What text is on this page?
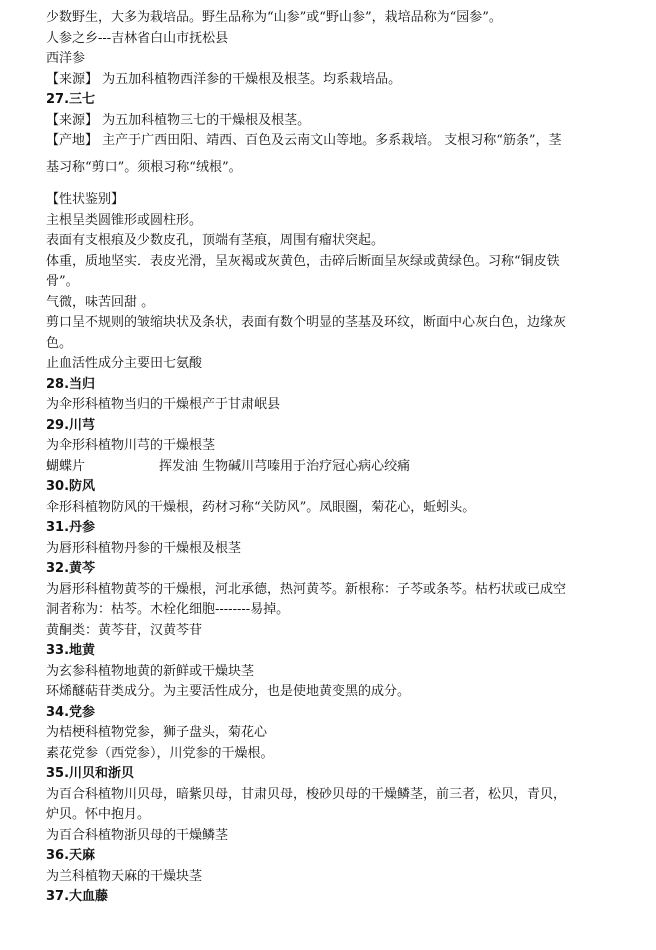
少数野生，大多为栽培品。野生品称为“山参”或“野山参”，栽培品称为“园参”。

人参之乡---吉林省白山市抚松县

西洋参

【来源】 为五加科植物西洋参的干燥根及根茎。均系栽培品。

27.三七

【来源】 为五加科植物三七的干燥根及根茎。

【产地】 主产于广西田阳、靖西、百色及云南文山等地。多系栽培。 支根习称“筋条”，茎

基习称“剪口”。须根习称“绒根”。

【性状鉴别】

主根呈类圆锥形或圆柱形。

表面有支根痕及少数皮孔，顶端有茎痕，周围有瘤状突起。

体重，质地坚实．表皮光滑，呈灰褐或灰黄色，击碎后断面呈灰绿或黄绿色。习称“铜皮铁

骨”。

气微，味苦回甜 。

剪口呈不规则的皱缩块状及条状，表面有数个明显的茎基及环纹，断面中心灰白色，边缘灰

色。

止血活性成分主要田七氨酸

28.当归

为伞形科植物当归的干燥根产于甘肃岷县

29.川芎

为伞形科植物川芎的干燥根茎

蝴蝶片	挥发油 生物碱川芎嗪用于治疗冠心病心绞痛

30.防风

伞形科植物防风的干燥根，药材习称“关防风”。凤眼圈，菊花心，蚯蚓头。

31.丹参

为唇形科植物丹参的干燥根及根茎

32.黄芩

为唇形科植物黄芩的干燥根，河北承德，热河黄芩。新根称：子芩或条芩。枯朽状或已成空

洞者称为：枯芩。木栓化细胞--------易掉。

黄酮类：黄芩苷，汉黄芩苷

33.地黄

为玄参科植物地黄的新鲜或干燥块茎

环烯醚萜苷类成分。为主要活性成分，也是使地黄变黑的成分。

34.党参

为桔梗科植物党参，狮子盘头，菊花心

素花党参（西党参），川党参的干燥根。

35.川贝和浙贝

为百合科植物川贝母，暗紫贝母，甘肃贝母，梭砂贝母的干燥鳞茎，前三者，松贝，青贝，

炉贝。怀中抱月。

为百合科植物浙贝母的干燥鳞茎

36.天麻

为兰科植物天麻的干燥块茎

37.大血藤
